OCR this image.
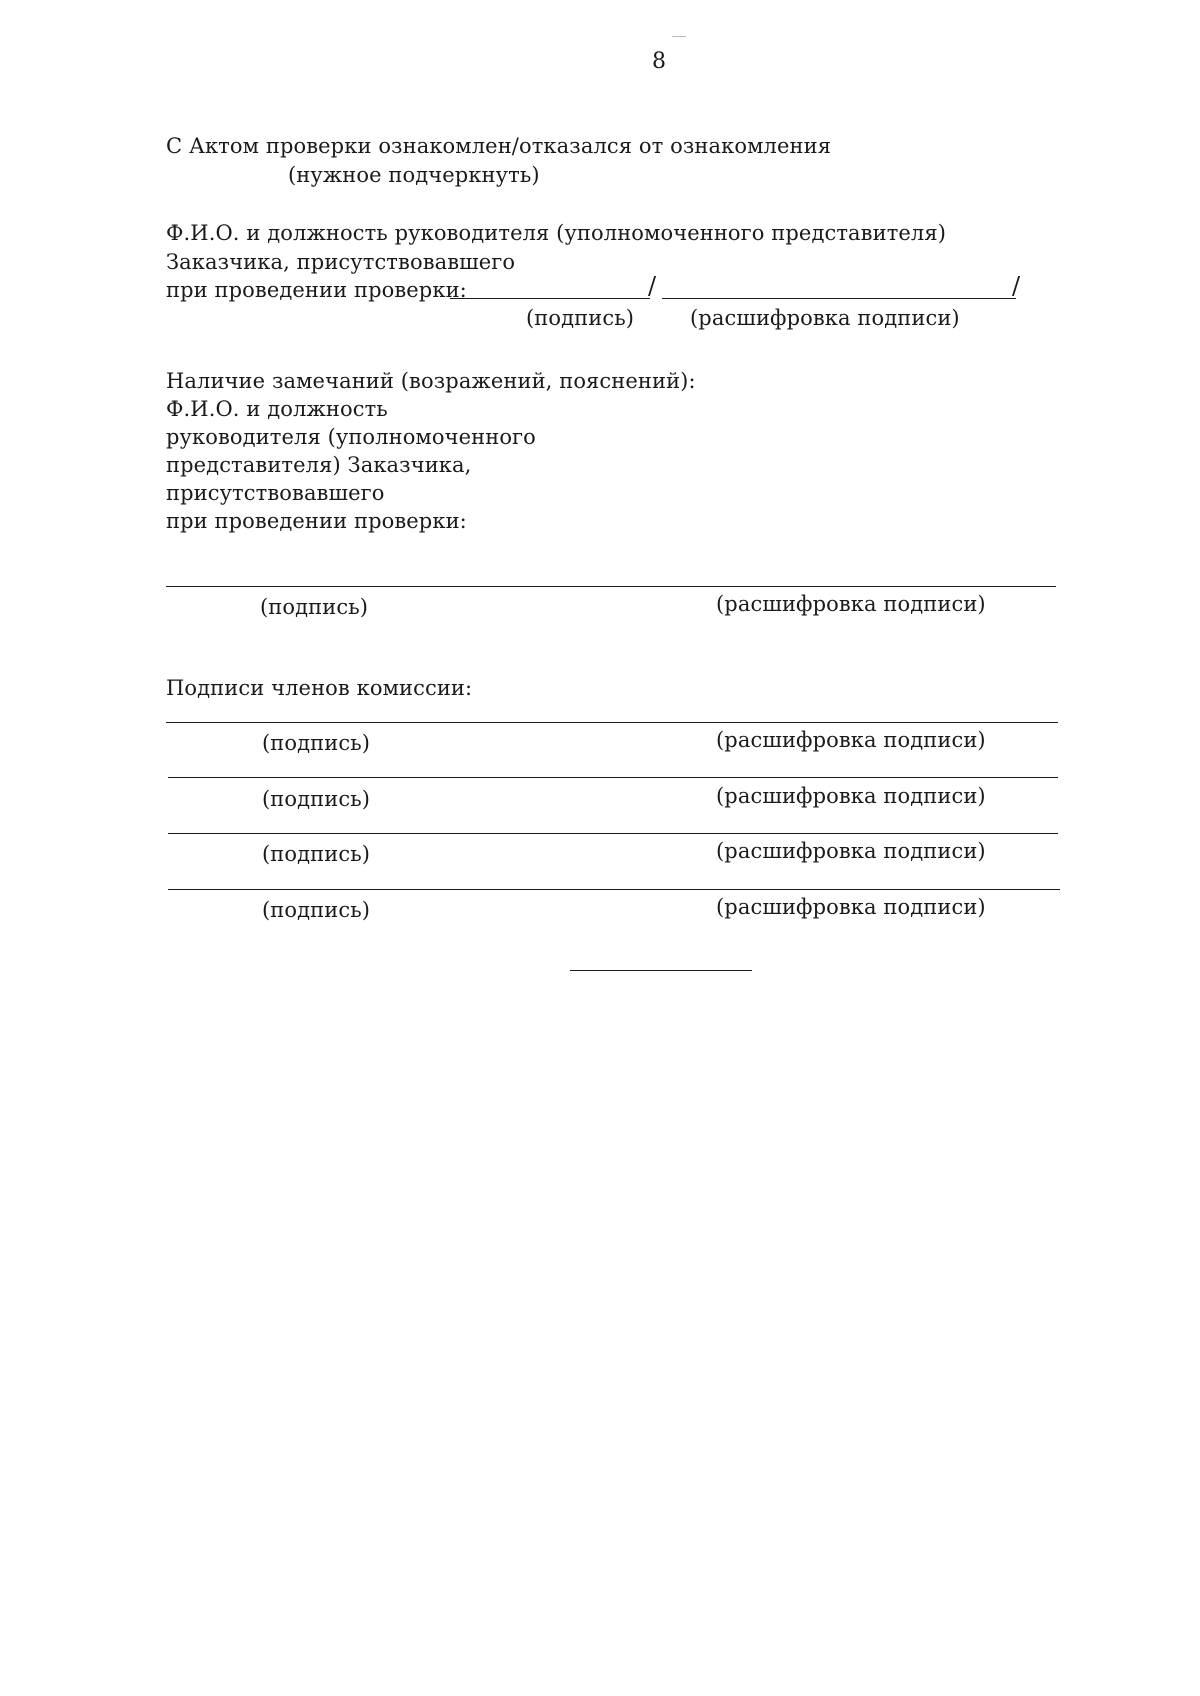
8
С Актом проверки ознакомлен/отказался от ознакомления
(нужное подчеркнуть)
Ф.И.О. и должность руководителя (уполномоченного представителя)
Заказчика, присутствовавшего
при проведении проверки:	/	/
(подпись)	(расшифровка подписи)
Наличие замечаний (возражений, пояснений):
Ф.И.О. и должность
руководителя (уполномоченного
представителя) Заказчика,
присутствовавшего
при проведении проверки:
(подпись)	(расшифровка подписи)
Подписи членов комиссии:
(подпись)	(расшифровка подписи)
(подпись)	(расшифровка подписи)
(подпись)	(расшифровка подписи)
(подпись)	(расшифровка подписи)
